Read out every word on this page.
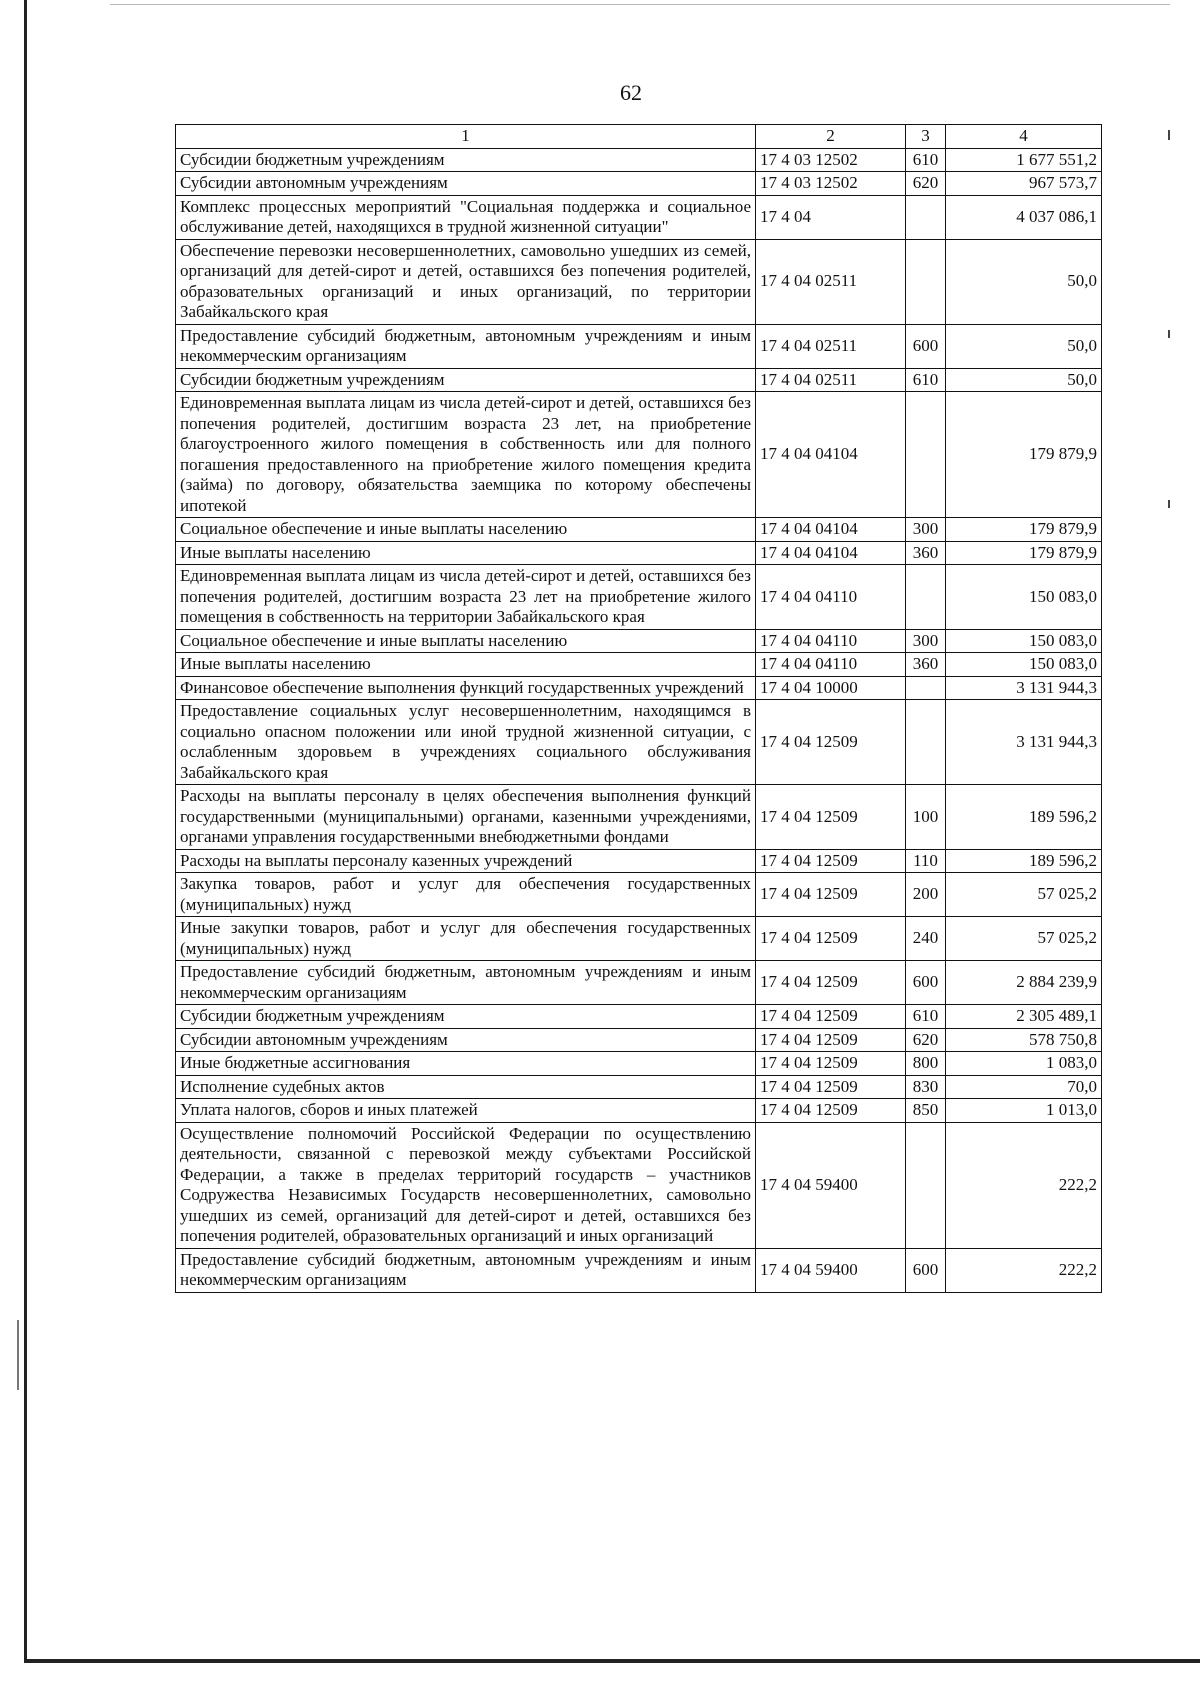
62
1	2	3	4
Субсидии бюджетным учреждениям	17 4 03 12502	610	1 677 551,2
Субсидии автономным учреждениям	17 4 03 12502	620	967 573,7
Комплекс процессных мероприятий "Социальная поддержка и социальное обслуживание детей, находящихся в трудной жизненной ситуации"	17 4 04		4 037 086,1
Обеспечение перевозки несовершеннолетних, самовольно ушедших из семей, организаций для детей-сирот и детей, оставшихся без попечения родителей, образовательных организаций и иных организаций, по территории Забайкальского края	17 4 04 02511		50,0
Предоставление субсидий бюджетным, автономным учреждениям и иным некоммерческим организациям	17 4 04 02511	600	50,0
Субсидии бюджетным учреждениям	17 4 04 02511	610	50,0
Единовременная выплата лицам из числа детей-сирот и детей, оставшихся без попечения родителей, достигшим возраста 23 лет, на приобретение благоустроенного жилого помещения в собственность или для полного погашения предоставленного на приобретение жилого помещения кредита (займа) по договору, обязательства заемщика по которому обеспечены ипотекой	17 4 04 04104		179 879,9
Социальное обеспечение и иные выплаты населению	17 4 04 04104	300	179 879,9
Иные выплаты населению	17 4 04 04104	360	179 879,9
Единовременная выплата лицам из числа детей-сирот и детей, оставшихся без попечения родителей, достигшим возраста 23 лет на приобретение жилого помещения в собственность на территории Забайкальского края	17 4 04 04110		150 083,0
Социальное обеспечение и иные выплаты населению	17 4 04 04110	300	150 083,0
Иные выплаты населению	17 4 04 04110	360	150 083,0
Финансовое обеспечение выполнения функций государственных учреждений	17 4 04 10000		3 131 944,3
Предоставление социальных услуг несовершеннолетним, находящимся в социально опасном положении или иной трудной жизненной ситуации, с ослабленным здоровьем в учреждениях социального обслуживания Забайкальского края	17 4 04 12509		3 131 944,3
Расходы на выплаты персоналу в целях обеспечения выполнения функций государственными (муниципальными) органами, казенными учреждениями, органами управления государственными внебюджетными фондами	17 4 04 12509	100	189 596,2
Расходы на выплаты персоналу казенных учреждений	17 4 04 12509	110	189 596,2
Закупка товаров, работ и услуг для обеспечения государственных (муниципальных) нужд	17 4 04 12509	200	57 025,2
Иные закупки товаров, работ и услуг для обеспечения государственных (муниципальных) нужд	17 4 04 12509	240	57 025,2
Предоставление субсидий бюджетным, автономным учреждениям и иным некоммерческим организациям	17 4 04 12509	600	2 884 239,9
Субсидии бюджетным учреждениям	17 4 04 12509	610	2 305 489,1
Субсидии автономным учреждениям	17 4 04 12509	620	578 750,8
Иные бюджетные ассигнования	17 4 04 12509	800	1 083,0
Исполнение судебных актов	17 4 04 12509	830	70,0
Уплата налогов, сборов и иных платежей	17 4 04 12509	850	1 013,0
Осуществление полномочий Российской Федерации по осуществлению деятельности, связанной с перевозкой между субъектами Российской Федерации, а также в пределах территорий государств – участников Содружества Независимых Государств несовершеннолетних, самовольно ушедших из семей, организаций для детей-сирот и детей, оставшихся без попечения родителей, образовательных организаций и иных организаций	17 4 04 59400		222,2
Предоставление субсидий бюджетным, автономным учреждениям и иным некоммерческим организациям	17 4 04 59400	600	222,2
